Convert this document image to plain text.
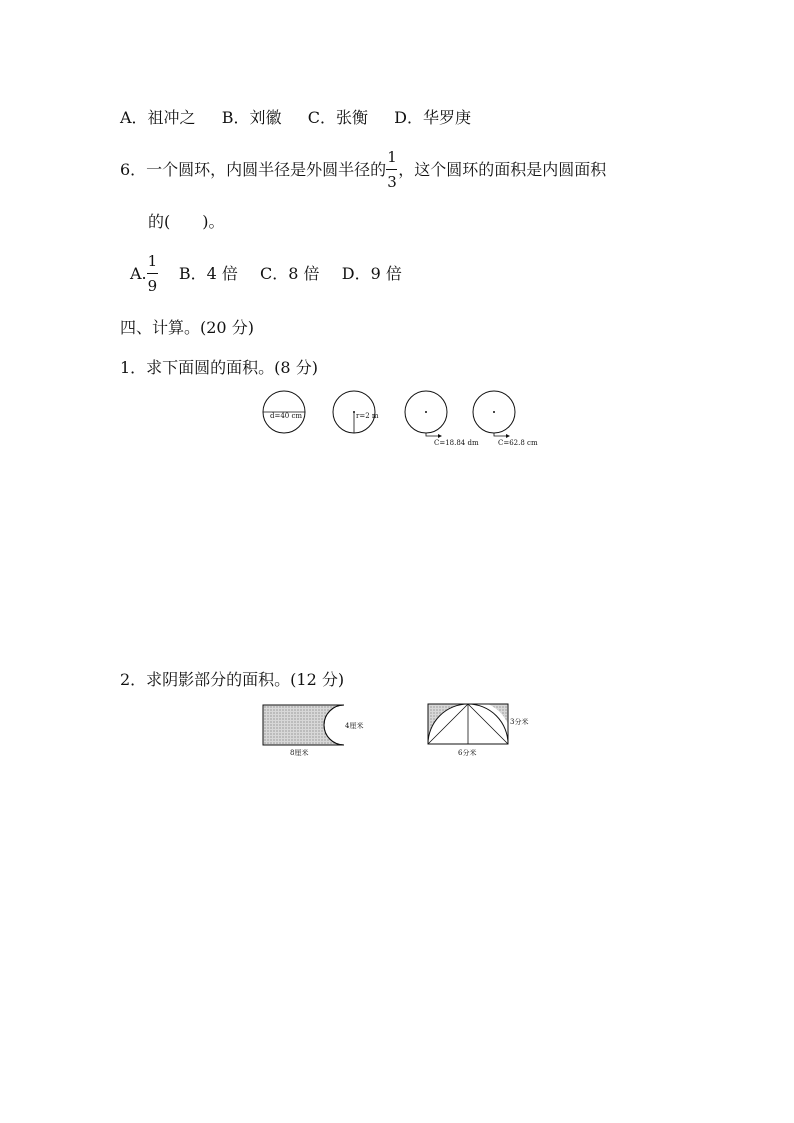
A．祖冲之 B．刘徽 C．张衡 D．华罗庚
6．一个圆环，内圆半径是外圆半径的 $\frac{1}{3}$ ，这个圆环的面积是内圆面积
的(　　)。
A. $\frac{1}{9}$ B．4 倍 C．8 倍 D．9 倍
四、计算。(20 分)
1．求下面圆的面积。(8 分)
d=40 cm	r=2 m
C=18.84 dm	C=62.8 cm
2．求阴影部分的面积。(12 分)
4厘米
8厘米
3分米
6分米
